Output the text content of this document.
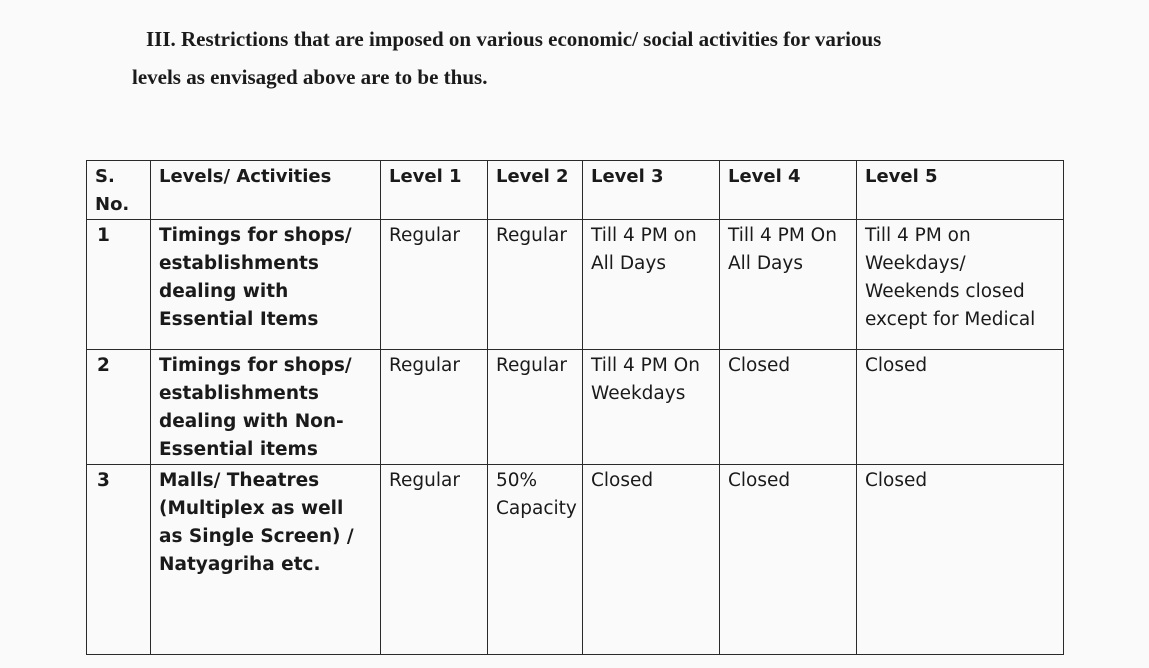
III. Restrictions that are imposed on various economic/ social activities for various
levels as envisaged above are to be thus.
S. No.	Levels/ Activities	Level 1	Level 2	Level 3	Level 4	Level 5
1	Timings for shops/ establishments dealing with Essential Items	Regular	Regular	Till 4 PM on All Days	Till 4 PM On All Days	Till 4 PM on Weekdays/ Weekends closed except for Medical
2	Timings for shops/ establishments dealing with Non-Essential items	Regular	Regular	Till 4 PM On Weekdays	Closed	Closed
3	Malls/ Theatres (Multiplex as well as Single Screen) / Natyagriha etc.	Regular	50% Capacity	Closed	Closed	Closed
